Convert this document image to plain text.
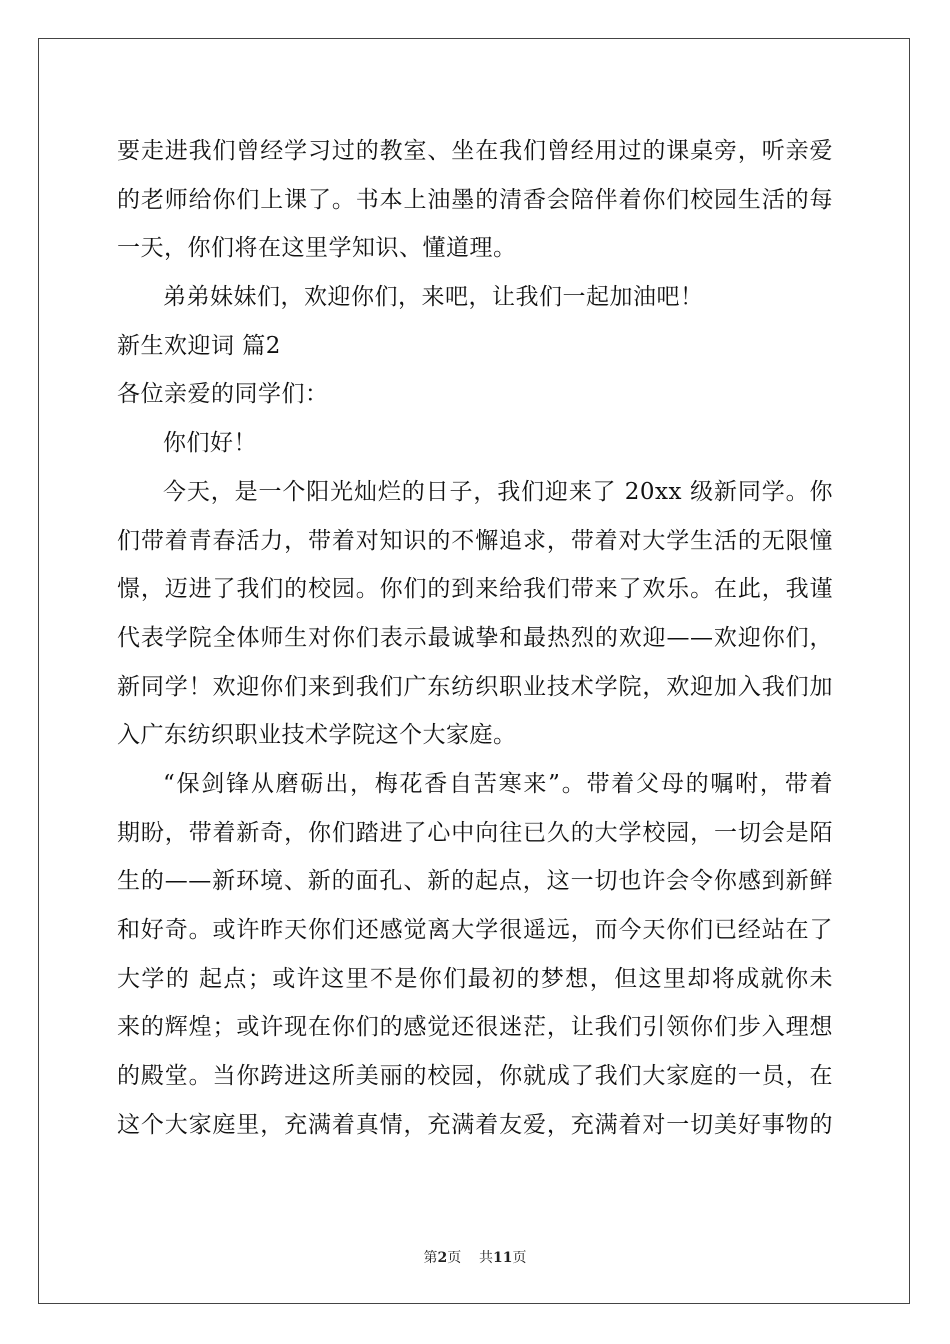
要走进我们曾经学习过的教室、坐在我们曾经用过的课桌旁，听亲爱
的老师给你们上课了。书本上油墨的清香会陪伴着你们校园生活的每
一天，你们将在这里学知识、懂道理。
弟弟妹妹们，欢迎你们，来吧，让我们一起加油吧！
新生欢迎词 篇2
各位亲爱的同学们：
你们好！
今天，是一个阳光灿烂的日子，我们迎来了 20xx 级新同学。你
们带着青春活力，带着对知识的不懈追求，带着对大学生活的无限憧
憬，迈进了我们的校园。你们的到来给我们带来了欢乐。在此，我谨
代表学院全体师生对你们表示最诚挚和最热烈的欢迎——欢迎你们，
新同学！欢迎你们来到我们广东纺织职业技术学院，欢迎加入我们加
入广东纺织职业技术学院这个大家庭。
“保剑锋从磨砺出，梅花香自苦寒来”。带着父母的嘱咐，带着
期盼，带着新奇，你们踏进了心中向往已久的大学校园，一切会是陌
生的——新环境、新的面孔、新的起点，这一切也许会令你感到新鲜
和好奇。或许昨天你们还感觉离大学很遥远，而今天你们已经站在了
大学的 起点；或许这里不是你们最初的梦想，但这里却将成就你未
来的辉煌；或许现在你们的感觉还很迷茫，让我们引领你们步入理想
的殿堂。当你跨进这所美丽的校园，你就成了我们大家庭的一员，在
这个大家庭里，充满着真情，充满着友爱，充满着对一切美好事物的
第2页 共11页
